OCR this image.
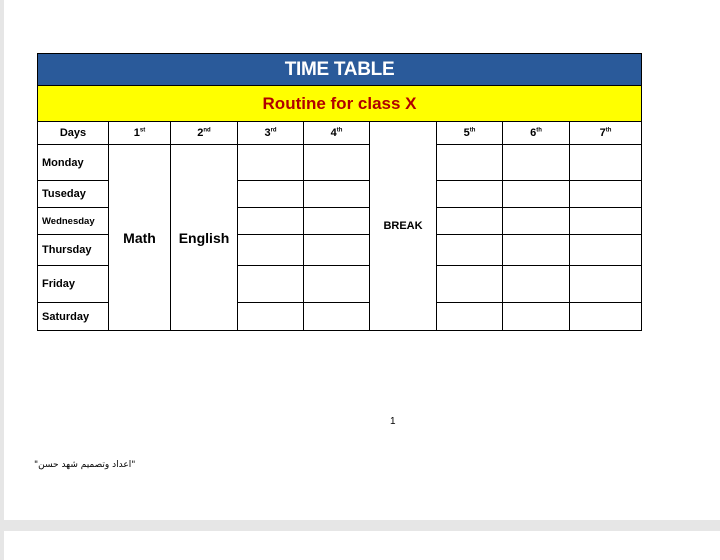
TIME TABLE								
Routine for class X								
Days	1st	2nd	3rd	4th	BREAK	5th	6th	7th
Monday	Math	English						
Tuseday								
Wednesday								
Thursday								
Friday								
Saturday								
1
"اعداد وتصميم شهد حسن"
